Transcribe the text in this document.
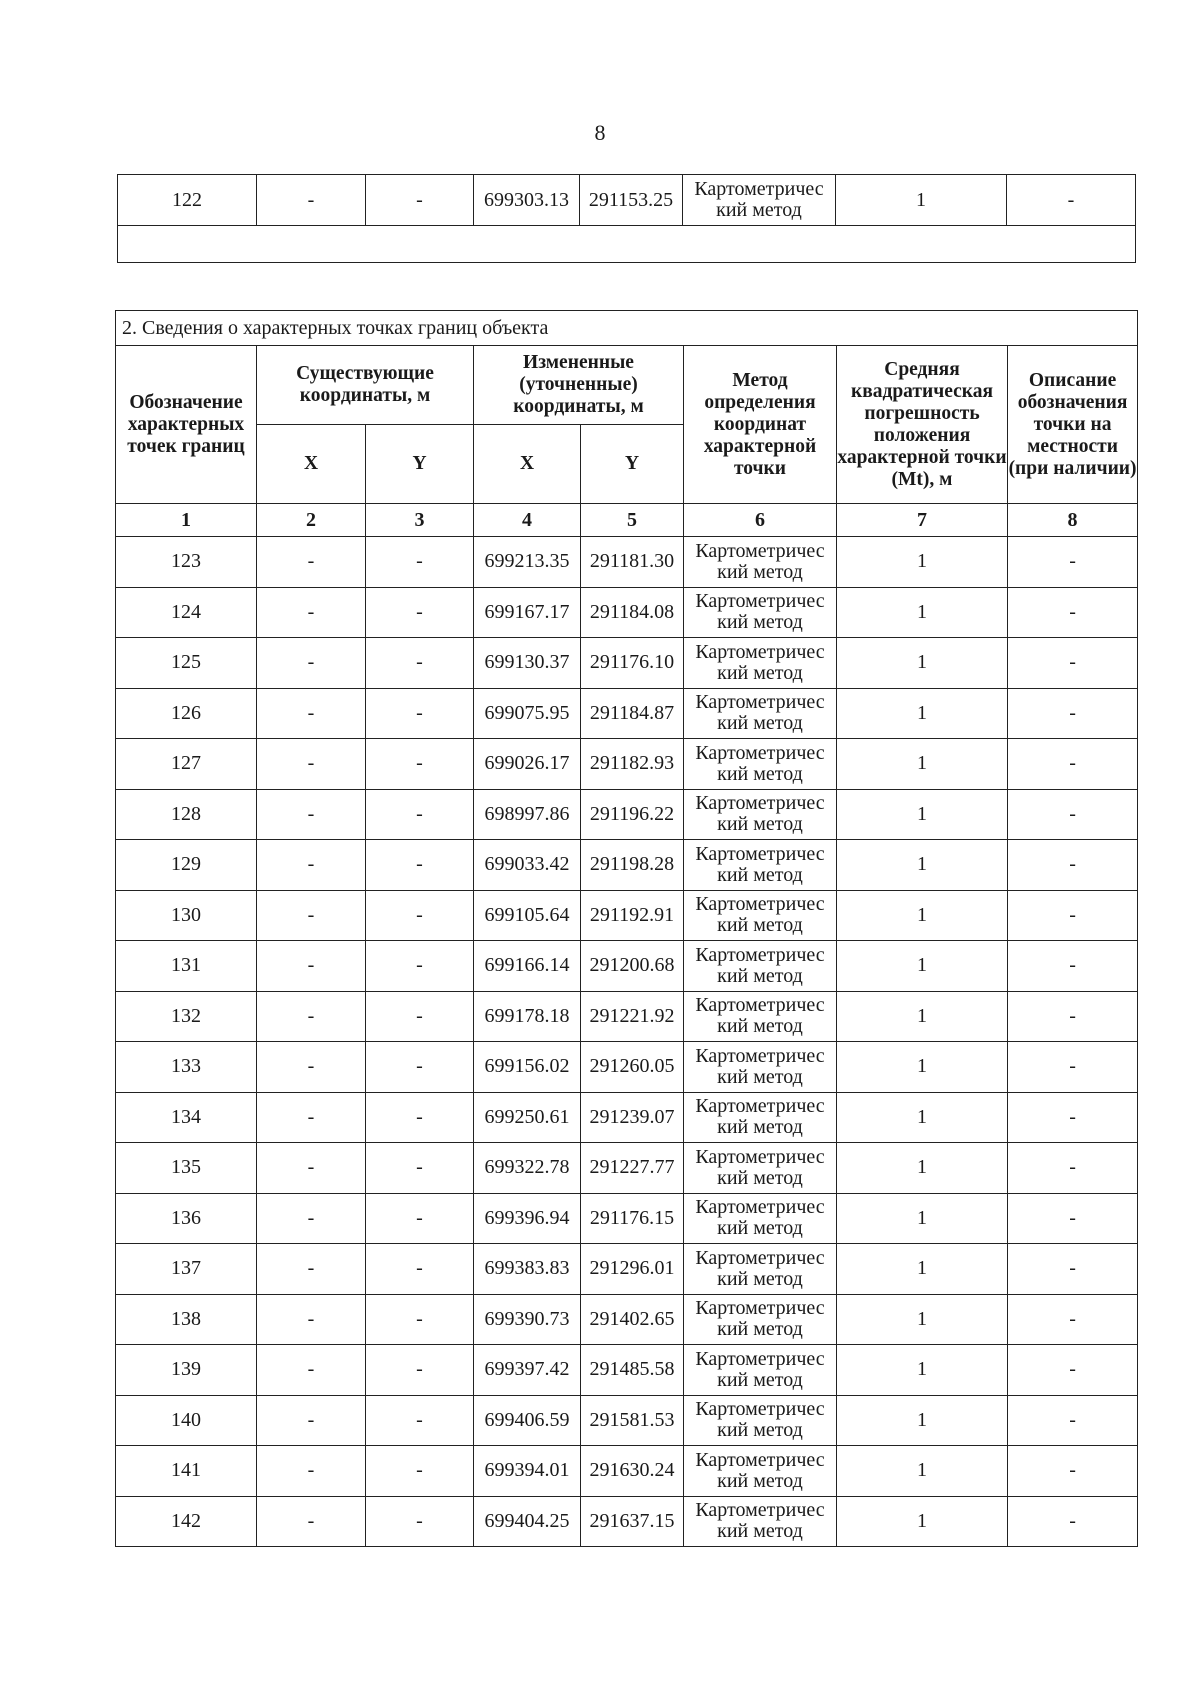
8
122	-	-	699303.13	291153.25	Картометричес
кий метод	1	-

2. Сведения о характерных точках границ объекта							
Обозначение характерных точек границ	Существующие координаты, м		Измененные (уточненные) координаты, м		Метод определения координат характерной точки	Средняя квадратическая погрешность положения характерной точки (Mt), м	Описание обозначения точки на местности (при наличии)
	X	Y	X	Y			
1	2	3	4	5	6	7	8
123	-	-	699213.35	291181.30	Картометричес
кий метод	1	-
124	-	-	699167.17	291184.08	Картометричес
кий метод	1	-
125	-	-	699130.37	291176.10	Картометричес
кий метод	1	-
126	-	-	699075.95	291184.87	Картометричес
кий метод	1	-
127	-	-	699026.17	291182.93	Картометричес
кий метод	1	-
128	-	-	698997.86	291196.22	Картометричес
кий метод	1	-
129	-	-	699033.42	291198.28	Картометричес
кий метод	1	-
130	-	-	699105.64	291192.91	Картометричес
кий метод	1	-
131	-	-	699166.14	291200.68	Картометричес
кий метод	1	-
132	-	-	699178.18	291221.92	Картометричес
кий метод	1	-
133	-	-	699156.02	291260.05	Картометричес
кий метод	1	-
134	-	-	699250.61	291239.07	Картометричес
кий метод	1	-
135	-	-	699322.78	291227.77	Картометричес
кий метод	1	-
136	-	-	699396.94	291176.15	Картометричес
кий метод	1	-
137	-	-	699383.83	291296.01	Картометричес
кий метод	1	-
138	-	-	699390.73	291402.65	Картометричес
кий метод	1	-
139	-	-	699397.42	291485.58	Картометричес
кий метод	1	-
140	-	-	699406.59	291581.53	Картометричес
кий метод	1	-
141	-	-	699394.01	291630.24	Картометричес
кий метод	1	-
142	-	-	699404.25	291637.15	Картометричес
кий метод	1	-
